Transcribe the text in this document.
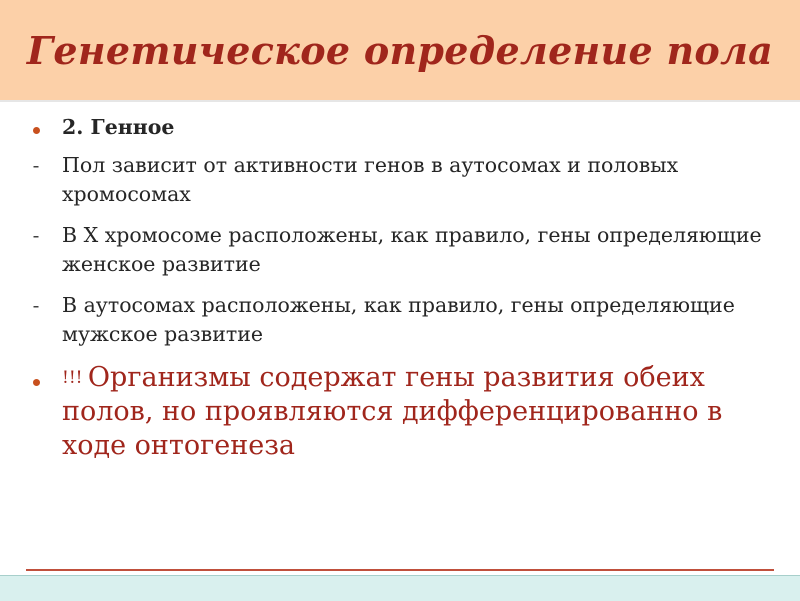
Генетическое определение пола
2. Генное
-	Пол зависит от активности генов в аутосомах и половых хромосомах
-	В Х хромосоме расположены, как правило, гены определяющие женское развитие
-	В аутосомах расположены, как правило, гены определяющие мужское развитие
!!! Организмы содержат гены развития обеих полов, но проявляются дифференцированно в ходе онтогенеза
